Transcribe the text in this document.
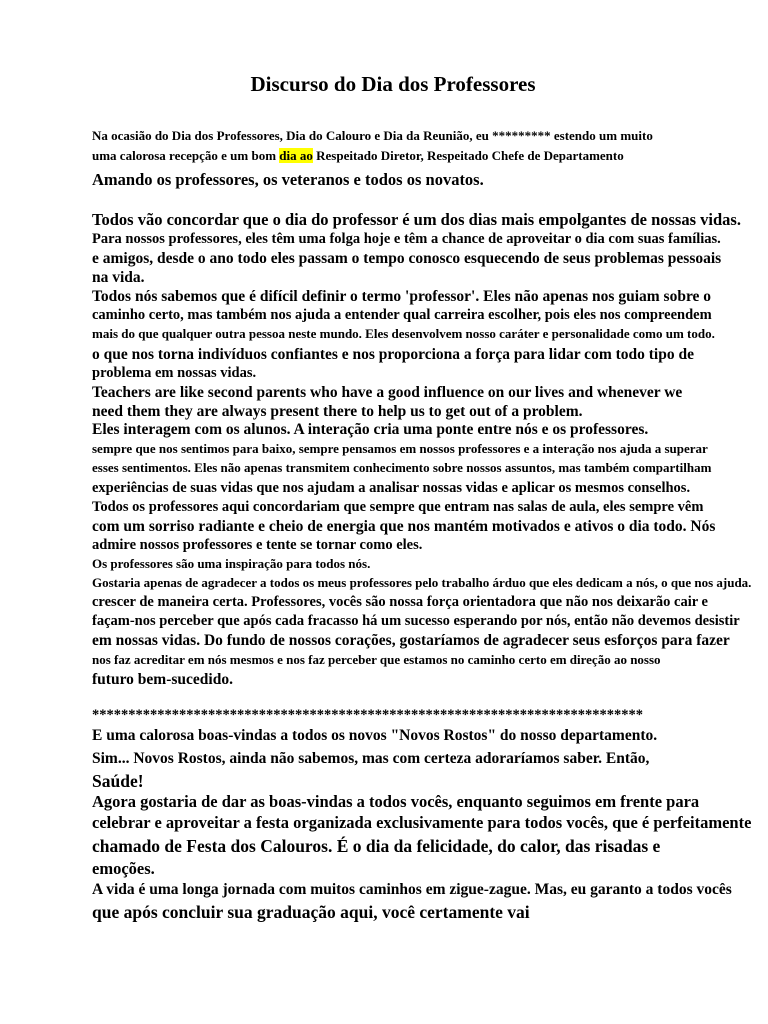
Discurso do Dia dos Professores
Na ocasião do Dia dos Professores, Dia do Calouro e Dia da Reunião, eu ********* estendo um muito
uma calorosa recepção e um bom dia ao Respeitado Diretor, Respeitado Chefe de Departamento
Amando os professores, os veteranos e todos os novatos.
Todos vão concordar que o dia do professor é um dos dias mais empolgantes de nossas vidas.
Para nossos professores, eles têm uma folga hoje e têm a chance de aproveitar o dia com suas famílias.
e amigos, desde o ano todo eles passam o tempo conosco esquecendo de seus problemas pessoais
na vida.
Todos nós sabemos que é difícil definir o termo 'professor'. Eles não apenas nos guiam sobre o
caminho certo, mas também nos ajuda a entender qual carreira escolher, pois eles nos compreendem
mais do que qualquer outra pessoa neste mundo. Eles desenvolvem nosso caráter e personalidade como um todo.
o que nos torna indivíduos confiantes e nos proporciona a força para lidar com todo tipo de
problema em nossas vidas.
Teachers are like second parents who have a good influence on our lives and whenever we
need them they are always present there to help us to get out of a problem.
Eles interagem com os alunos. A interação cria uma ponte entre nós e os professores.
sempre que nos sentimos para baixo, sempre pensamos em nossos professores e a interação nos ajuda a superar
esses sentimentos. Eles não apenas transmitem conhecimento sobre nossos assuntos, mas também compartilham
experiências de suas vidas que nos ajudam a analisar nossas vidas e aplicar os mesmos conselhos.
Todos os professores aqui concordariam que sempre que entram nas salas de aula, eles sempre vêm
com um sorriso radiante e cheio de energia que nos mantém motivados e ativos o dia todo. Nós
admire nossos professores e tente se tornar como eles.
Os professores são uma inspiração para todos nós.
Gostaria apenas de agradecer a todos os meus professores pelo trabalho árduo que eles dedicam a nós, o que nos ajuda.
crescer de maneira certa. Professores, vocês são nossa força orientadora que não nos deixarão cair e
façam-nos perceber que após cada fracasso há um sucesso esperando por nós, então não devemos desistir
em nossas vidas. Do fundo de nossos corações, gostaríamos de agradecer seus esforços para fazer
nos faz acreditar em nós mesmos e nos faz perceber que estamos no caminho certo em direção ao nosso
futuro bem-sucedido.
****************************************************************************
E uma calorosa boas-vindas a todos os novos "Novos Rostos" do nosso departamento.
Sim... Novos Rostos, ainda não sabemos, mas com certeza adoraríamos saber. Então,
Saúde!
Agora gostaria de dar as boas-vindas a todos vocês, enquanto seguimos em frente para
celebrar e aproveitar a festa organizada exclusivamente para todos vocês, que é perfeitamente
chamado de Festa dos Calouros. É o dia da felicidade, do calor, das risadas e
emoções.
A vida é uma longa jornada com muitos caminhos em zigue-zague. Mas, eu garanto a todos vocês
que após concluir sua graduação aqui, você certamente vai
